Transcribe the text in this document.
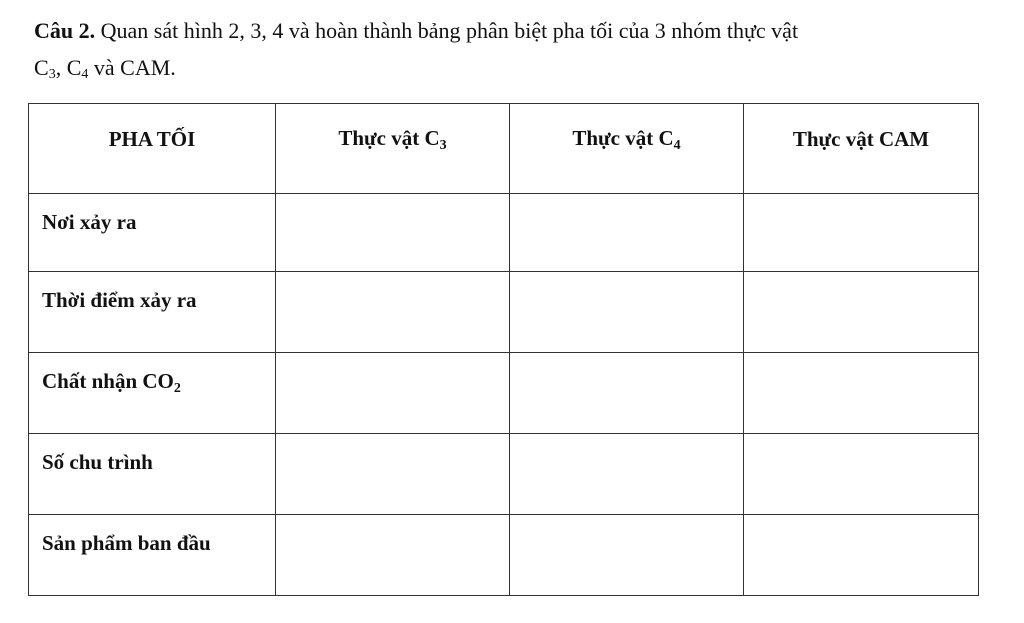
Câu 2. Quan sát hình 2, 3, 4 và hoàn thành bảng phân biệt pha tối của 3 nhóm thực vật
$C_3$, $C_4$ và CAM.
PHA TỐI	Thực vật $C_3$	Thực vật $C_4$	Thực vật CAM
Nơi xảy ra			
Thời điểm xảy ra			
Chất nhận $CO_2$			
Số chu trình			
Sản phẩm ban đầu			
